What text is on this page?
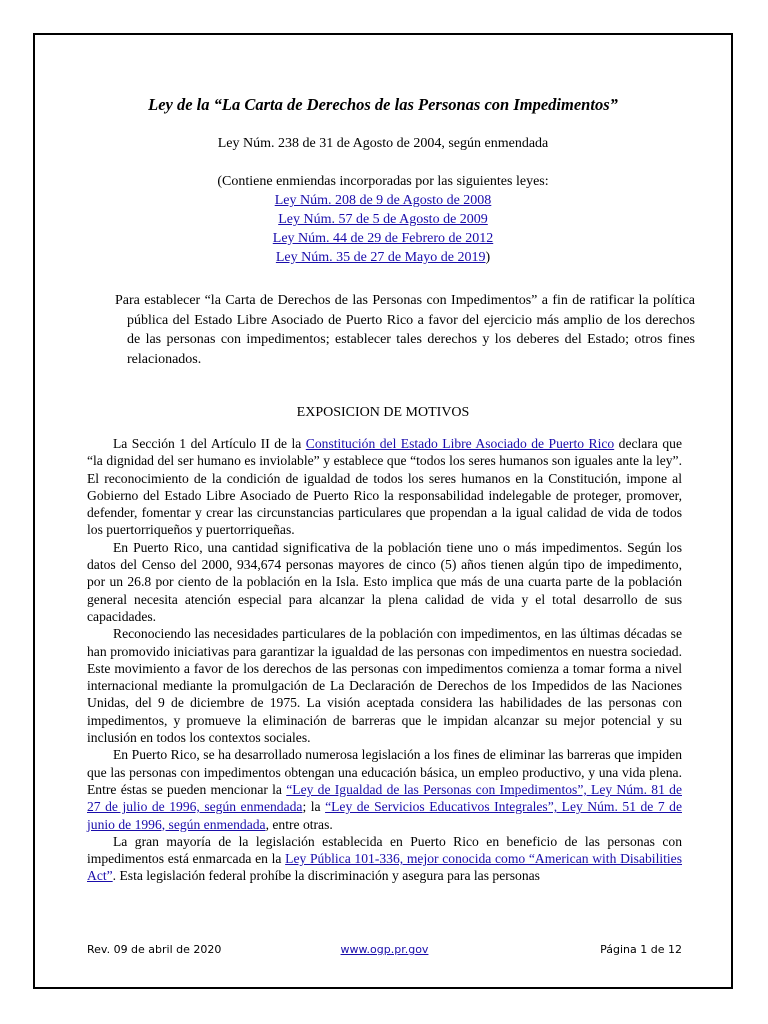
Ley de la “La Carta de Derechos de las Personas con Impedimentos”
Ley Núm. 238 de 31 de Agosto de 2004, según enmendada
(Contiene enmiendas incorporadas por las siguientes leyes:
Ley Núm. 208 de 9 de Agosto de 2008
Ley Núm. 57 de 5 de Agosto de 2009
Ley Núm. 44 de 29 de Febrero de 2012
Ley Núm. 35 de 27 de Mayo de 2019)
Para establecer “la Carta de Derechos de las Personas con Impedimentos” a fin de ratificar la política pública del Estado Libre Asociado de Puerto Rico a favor del ejercicio más amplio de los derechos de las personas con impedimentos; establecer tales derechos y los deberes del Estado; otros fines relacionados.
EXPOSICION DE MOTIVOS

La Sección 1 del Artículo II de la Constitución del Estado Libre Asociado de Puerto Rico declara que “la dignidad del ser humano es inviolable” y establece que “todos los seres humanos son iguales ante la ley”. El reconocimiento de la condición de igualdad de todos los seres humanos en la Constitución, impone al Gobierno del Estado Libre Asociado de Puerto Rico la responsabilidad indelegable de proteger, promover, defender, fomentar y crear las circunstancias particulares que propendan a la igual calidad de vida de todos los puertorriqueños y puertorriqueñas.

En Puerto Rico, una cantidad significativa de la población tiene uno o más impedimentos. Según los datos del Censo del 2000, 934,674 personas mayores de cinco (5) años tienen algún tipo de impedimento, por un 26.8 por ciento de la población en la Isla. Esto implica que más de una cuarta parte de la población general necesita atención especial para alcanzar la plena calidad de vida y el total desarrollo de sus capacidades.

Reconociendo las necesidades particulares de la población con impedimentos, en las últimas décadas se han promovido iniciativas para garantizar la igualdad de las personas con impedimentos en nuestra sociedad. Este movimiento a favor de los derechos de las personas con impedimentos comienza a tomar forma a nivel internacional mediante la promulgación de La Declaración de Derechos de los Impedidos de las Naciones Unidas, del 9 de diciembre de 1975. La visión aceptada considera las habilidades de las personas con impedimentos, y promueve la eliminación de barreras que le impidan alcanzar su mejor potencial y su inclusión en todos los contextos sociales.

En Puerto Rico, se ha desarrollado numerosa legislación a los fines de eliminar las barreras que impiden que las personas con impedimentos obtengan una educación básica, un empleo productivo, y una vida plena. Entre éstas se pueden mencionar la “Ley de Igualdad de las Personas con Impedimentos”, Ley Núm. 81 de 27 de julio de 1996, según enmendada; la “Ley de Servicios Educativos Integrales”, Ley Núm. 51 de 7 de junio de 1996, según enmendada, entre otras.

La gran mayoría de la legislación establecida en Puerto Rico en beneficio de las personas con impedimentos está enmarcada en la Ley Pública 101-336, mejor conocida como “American with Disabilities Act”. Esta legislación federal prohíbe la discriminación y asegura para las personas

Rev. 09 de abril de 2020	www.ogp.pr.gov	Página 1 de 12
